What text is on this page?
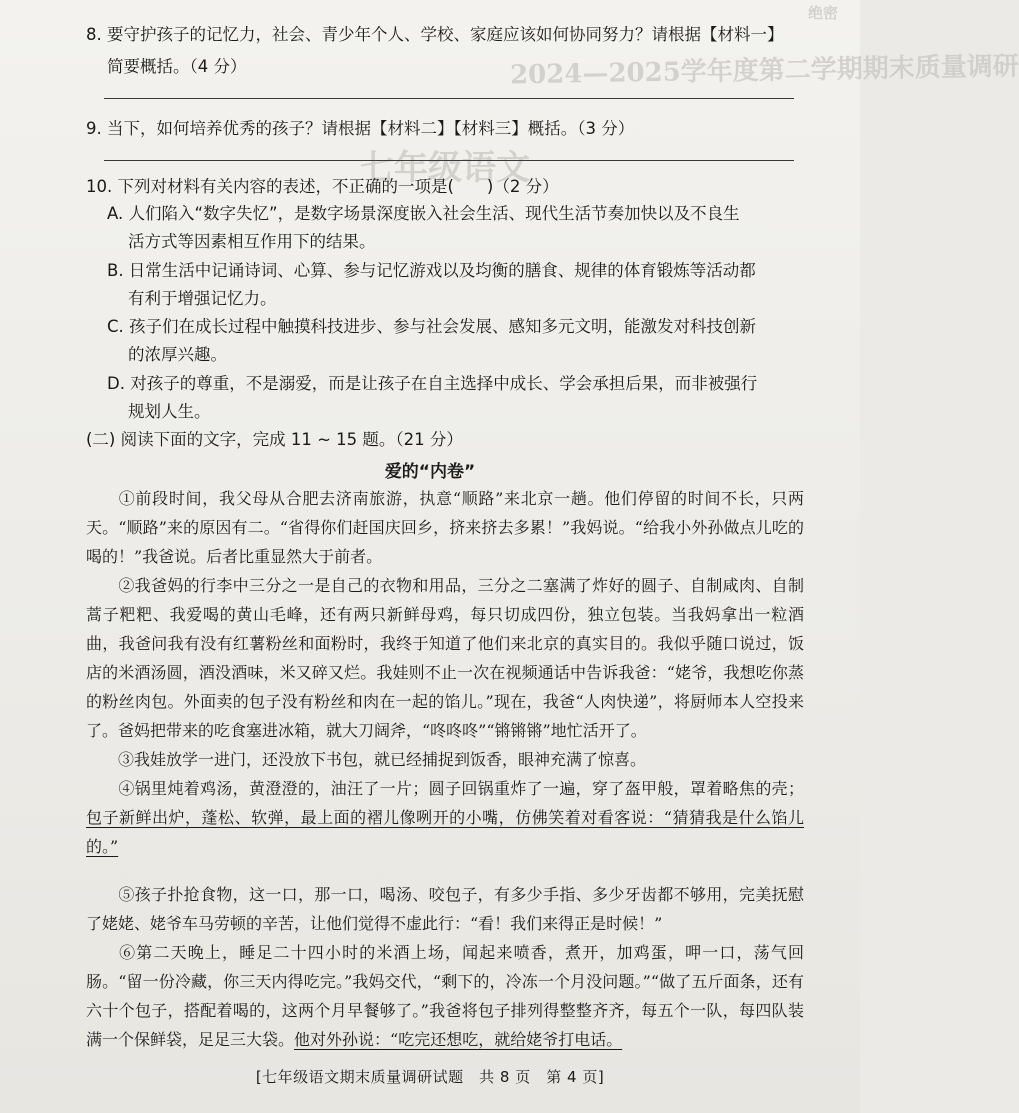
2024—2025学年度第二学期期末质量调研
七年级语文
绝密
8. 要守护孩子的记忆力，社会、青少年个人、学校、家庭应该如何协同努力？请根据【材料一】
简要概括。（4 分）
9. 当下，如何培养优秀的孩子？请根据【材料二】【材料三】概括。（3 分）
10. 下列对材料有关内容的表述，不正确的一项是(　　)（2 分）
A. 人们陷入“数字失忆”，是数字场景深度嵌入社会生活、现代生活节奏加快以及不良生
活方式等因素相互作用下的结果。
B. 日常生活中记诵诗词、心算、参与记忆游戏以及均衡的膳食、规律的体育锻炼等活动都
有利于增强记忆力。
C. 孩子们在成长过程中触摸科技进步、参与社会发展、感知多元文明，能激发对科技创新
的浓厚兴趣。
D. 对孩子的尊重，不是溺爱，而是让孩子在自主选择中成长、学会承担后果，而非被强行
规划人生。
(二) 阅读下面的文字，完成 11 ~ 15 题。（21 分）
爱的“内卷”
①前段时间，我父母从合肥去济南旅游，执意“顺路”来北京一趟。他们停留的时间不长，只两天。“顺路”来的原因有二。“省得你们赶国庆回乡，挤来挤去多累！”我妈说。“给我小外孙做点儿吃的喝的！”我爸说。后者比重显然大于前者。
②我爸妈的行李中三分之一是自己的衣物和用品，三分之二塞满了炸好的圆子、自制咸肉、自制蒿子粑粑、我爱喝的黄山毛峰，还有两只新鲜母鸡，每只切成四份，独立包装。当我妈拿出一粒酒曲，我爸问我有没有红薯粉丝和面粉时，我终于知道了他们来北京的真实目的。我似乎随口说过，饭店的米酒汤圆，酒没酒味，米又碎又烂。我娃则不止一次在视频通话中告诉我爸：“姥爷，我想吃你蒸的粉丝肉包。外面卖的包子没有粉丝和肉在一起的馅儿。”现在，我爸“人肉快递”，将厨师本人空投来了。爸妈把带来的吃食塞进冰箱，就大刀阔斧，“咚咚咚”“锵锵锵”地忙活开了。
③我娃放学一进门，还没放下书包，就已经捕捉到饭香，眼神充满了惊喜。
④锅里炖着鸡汤，黄澄澄的，油汪了一片；圆子回锅重炸了一遍，穿了盔甲般，罩着略焦的壳；包子新鲜出炉，蓬松、软弹，最上面的褶儿像咧开的小嘴，仿佛笑着对看客说：“猜猜我是什么馅儿的。”
⑤孩子扑抢食物，这一口，那一口，喝汤、咬包子，有多少手指、多少牙齿都不够用，完美抚慰了姥姥、姥爷车马劳顿的辛苦，让他们觉得不虚此行：“看！我们来得正是时候！”
⑥第二天晚上，睡足二十四小时的米酒上场，闻起来喷香，煮开，加鸡蛋，呷一口，荡气回肠。“留一份冷藏，你三天内得吃完。”我妈交代，“剩下的，冷冻一个月没问题。”“做了五斤面条，还有六十个包子，搭配着喝的，这两个月早餐够了。”我爸将包子排列得整整齐齐，每五个一队，每四队装满一个保鲜袋，足足三大袋。他对外孙说：“吃完还想吃，就给姥爷打电话。
[七年级语文期末质量调研试题　共 8 页　第 4 页]
